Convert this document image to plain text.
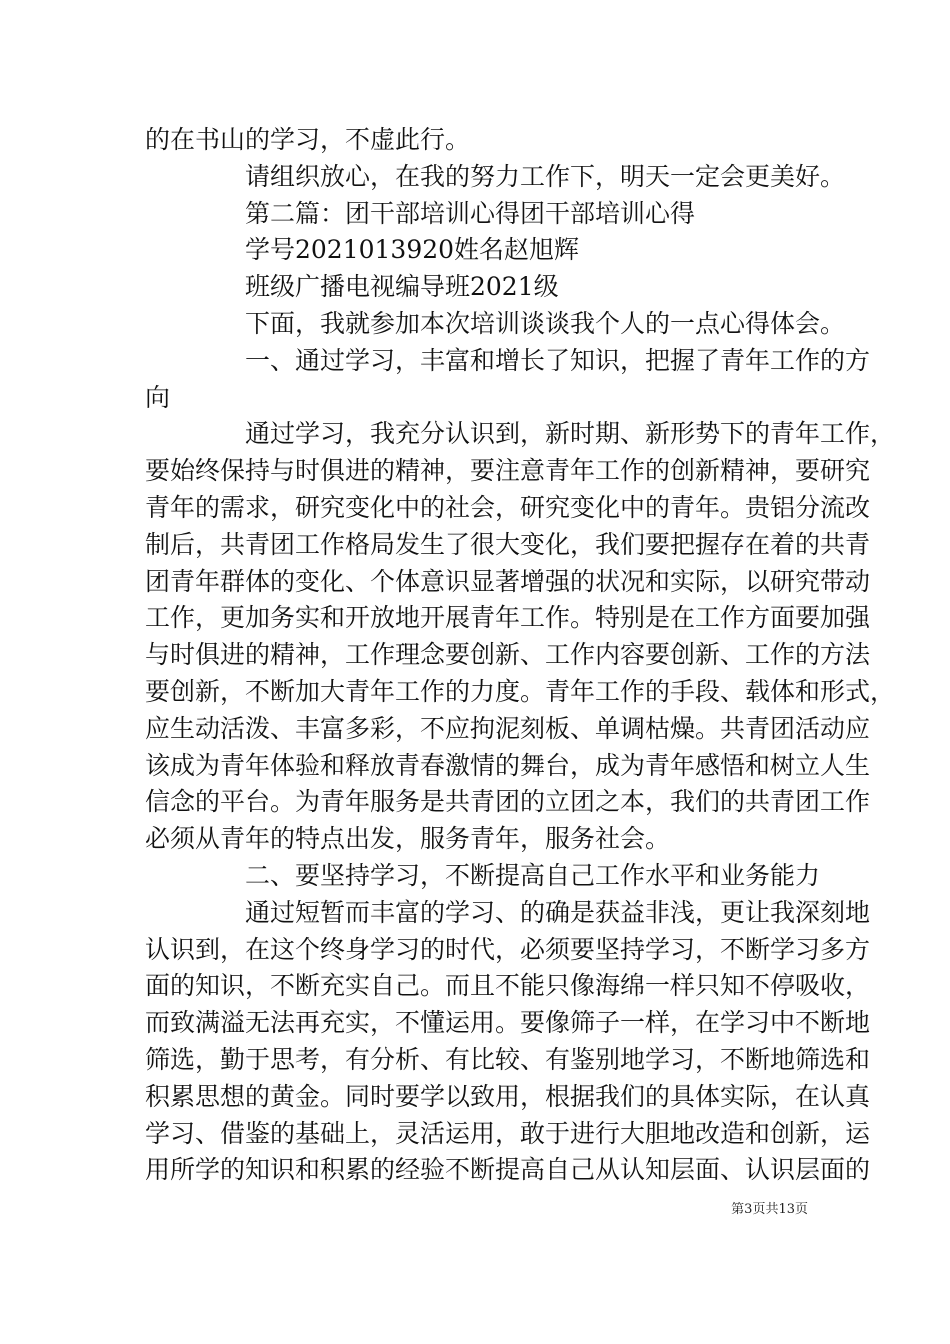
的在书山的学习，不虚此行。
请组织放心，在我的努力工作下，明天一定会更美好。
第二篇：团干部培训心得团干部培训心得
学号2021013920姓名赵旭辉
班级广播电视编导班2021级
下面，我就参加本次培训谈谈我个人的一点心得体会。
一、通过学习，丰富和增长了知识，把握了青年工作的方
向
通过学习，我充分认识到，新时期、新形势下的青年工作，
要始终保持与时俱进的精神，要注意青年工作的创新精神，要研究
青年的需求，研究变化中的社会，研究变化中的青年。贵铝分流改
制后，共青团工作格局发生了很大变化，我们要把握存在着的共青
团青年群体的变化、个体意识显著增强的状况和实际，以研究带动
工作，更加务实和开放地开展青年工作。特别是在工作方面要加强
与时俱进的精神，工作理念要创新、工作内容要创新、工作的方法
要创新，不断加大青年工作的力度。青年工作的手段、载体和形式，
应生动活泼、丰富多彩，不应拘泥刻板、单调枯燥。共青团活动应
该成为青年体验和释放青春激情的舞台，成为青年感悟和树立人生
信念的平台。为青年服务是共青团的立团之本，我们的共青团工作
必须从青年的特点出发，服务青年，服务社会。
二、要坚持学习，不断提高自己工作水平和业务能力
通过短暂而丰富的学习、的确是获益非浅，更让我深刻地
认识到，在这个终身学习的时代，必须要坚持学习，不断学习多方
面的知识，不断充实自己。而且不能只像海绵一样只知不停吸收，
而致满溢无法再充实，不懂运用。要像筛子一样，在学习中不断地
筛选，勤于思考，有分析、有比较、有鉴别地学习，不断地筛选和
积累思想的黄金。同时要学以致用，根据我们的具体实际，在认真
学习、借鉴的基础上，灵活运用，敢于进行大胆地改造和创新，运
用所学的知识和积累的经验不断提高自己从认知层面、认识层面的
第3页共13页
